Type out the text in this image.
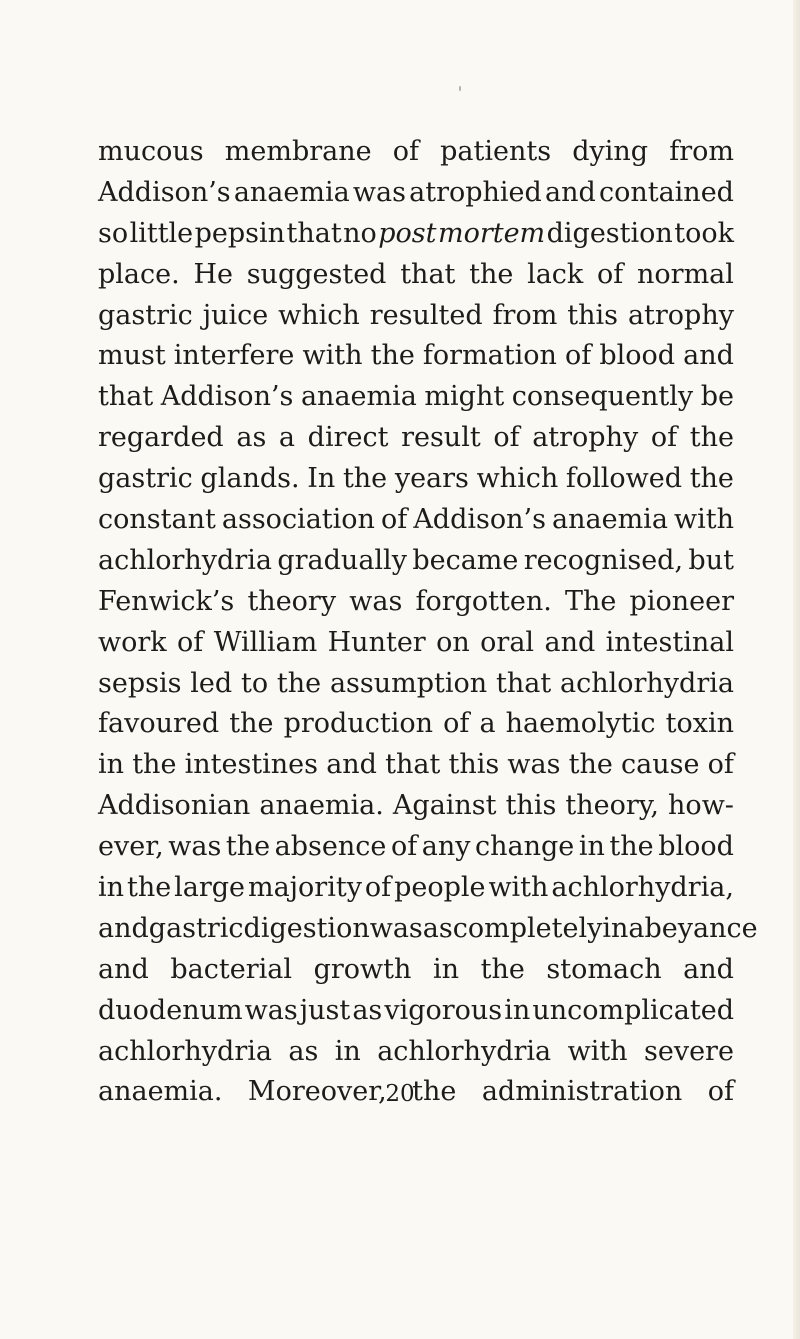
mucous membrane of patients dying from
Addison’s anaemia was atrophied and contained
so little pepsin that no post mortem digestion took
place. He suggested that the lack of normal
gastric juice which resulted from this atrophy
must interfere with the formation of blood and
that Addison’s anaemia might consequently be
regarded as a direct result of atrophy of the
gastric glands. In the years which followed the
constant association of Addison’s anaemia with
achlorhydria gradually became recognised, but
Fenwick’s theory was forgotten. The pioneer
work of William Hunter on oral and intestinal
sepsis led to the assumption that achlorhydria
favoured the production of a haemolytic toxin
in the intestines and that this was the cause of
Addisonian anaemia. Against this theory, how-
ever, was the absence of any change in the blood
in the large majority of people with achlorhydria,
and gastric digestion was as completely in abeyance
and bacterial growth in the stomach and
duodenum was just as vigorous in uncomplicated
achlorhydria as in achlorhydria with severe
anaemia. Moreover, the administration of
20
